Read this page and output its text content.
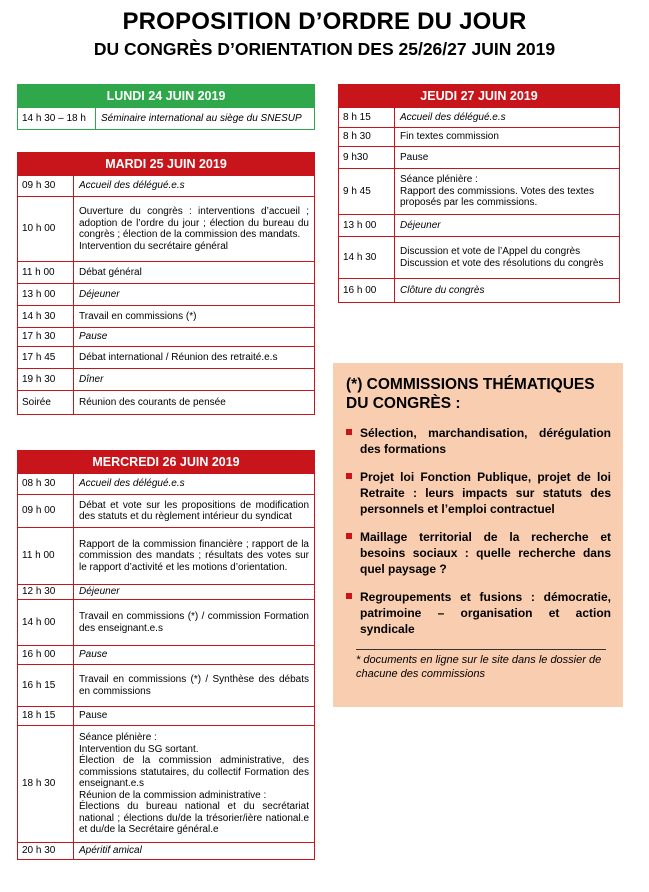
PROPOSITION D’ORDRE DU JOUR
DU CONGRÈS D’ORIENTATION DES 25/26/27 JUIN 2019
LUNDI 24 JUIN 2019
14 h 30 – 18 h	Séminaire international au siège du SNESUP
MARDI 25 JUIN 2019
09 h 30	Accueil des délégué.e.s
10 h 00	Ouverture du congrès : interventions d’accueil ; adoption de l’ordre du jour ; élection du bureau du congrès ; élection de la commission des mandats.
Intervention du secrétaire général

11 h 00	Débat général
13 h 00	Déjeuner
14 h 30	Travail en commissions (*)
17 h 30	Pause
17 h 45	Débat international / Réunion des retraité.e.s
19 h 30	Dîner
Soirée	Réunion des courants de pensée
MERCREDI 26 JUIN 2019
08 h 30	Accueil des délégué.e.s
09 h 00	Débat et vote sur les propositions de modification des statuts et du règlement intérieur du syndicat
11 h 00	Rapport de la commission financière ; rapport de la commission des mandats ; résultats des votes sur le rapport d’activité et les motions d’orientation.
12 h 30	Déjeuner
14 h 00	Travail en commissions (*) / commission Formation des enseignant.e.s
16 h 00	Pause
16 h 15	Travail en commissions (*) / Synthèse des débats en commissions
18 h 15	Pause
18 h 30	Séance plénière :
Intervention du SG sortant.
Élection de la commission administrative, des commissions statutaires, du collectif Formation des enseignant.e.s
Réunion de la commission administrative :
Élections du bureau national et du secrétariat national ; élections du/de la trésorier/ière national.e et du/de la Secrétaire général.e

20 h 30	Apéritif amical
JEUDI 27 JUIN 2019
8 h 15	Accueil des délégué.e.s
8 h 30	Fin textes commission
9 h30	Pause
9 h 45	Séance plénière :
Rapport des commissions. Votes des textes proposés par les commissions.

13 h 00	Déjeuner
14 h 30	Discussion et vote de l’Appel du congrès
Discussion et vote des résolutions du congrès

16 h 00	Clôture du congrès
(*) COMMISSIONS THÉMATIQUES DU CONGRÈS :
Sélection, marchandisation, dérégulation des formations
Projet loi Fonction Publique, projet de loi Retraite : leurs impacts sur statuts des personnels et l’emploi contractuel
Maillage territorial de la recherche et besoins sociaux : quelle recherche dans quel paysage ?
Regroupements et fusions : démocratie, patrimoine – organisation et action syndicale
* documents en ligne sur le site dans le dossier de chacune des commissions
